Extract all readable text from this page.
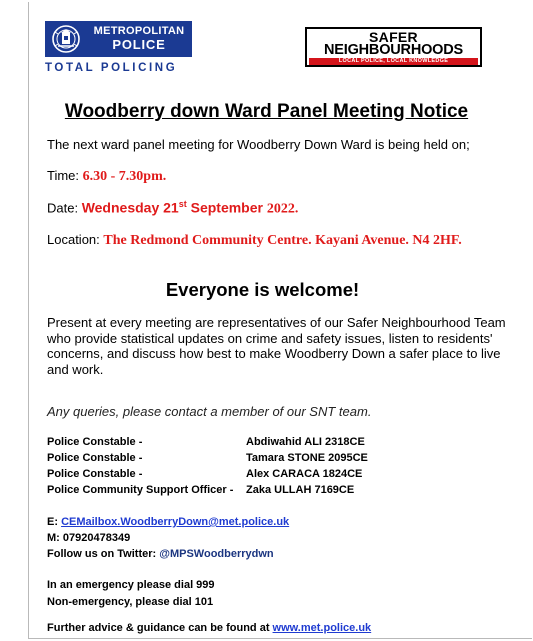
METROPOLITAN
POLICE
TOTAL POLICING
SAFER
NEIGHBOURHOODS
LOCAL POLICE, LOCAL KNOWLEDGE
Woodberry down Ward Panel Meeting Notice
The next ward panel meeting for Woodberry Down Ward is being held on;
Time: 6.30 - 7.30pm.
Date: Wednesday 21st September 2022.
Location: The Redmond Community Centre. Kayani Avenue. N4 2HF.
Everyone is welcome!
Present at every meeting are representatives of our Safer Neighbourhood Team who provide statistical updates on crime and safety issues, listen to residents' concerns, and discuss how best to make Woodberry Down a safer place to live and work.
Any queries, please contact a member of our SNT team.
Police Constable -	Abdiwahid ALI 2318CE
Police Constable -	Tamara STONE 2095CE
Police Constable -	Alex CARACA 1824CE
Police Community Support Officer - Zaka ULLAH 7169CE
E: CEMailbox.WoodberryDown@met.police.uk
M: 07920478349
Follow us on Twitter: @MPSWoodberrydwn
In an emergency please dial 999
Non-emergency, please dial 101
Further advice & guidance can be found at www.met.police.uk
